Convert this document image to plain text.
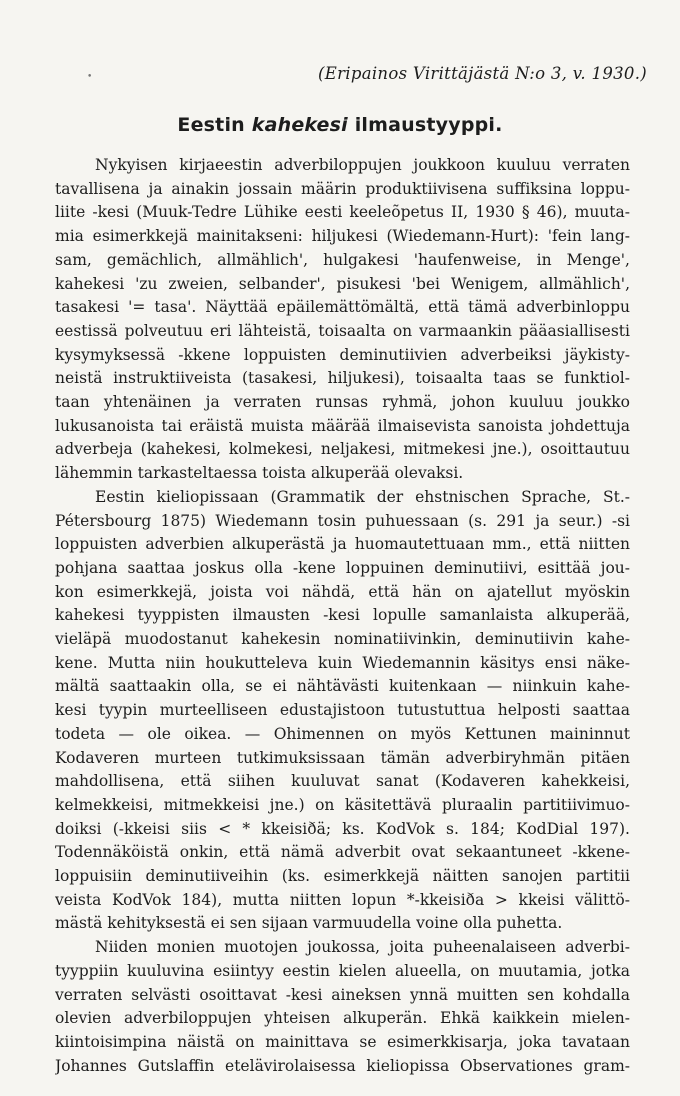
•	(Eripainos Virittäjästä N:o 3, v. 1930.)
Eestin kahekesi ilmaustyyppi.
Nykyisen kirjaeestin adverbiloppujen joukkoon kuuluu verraten
tavallisena ja ainakin jossain määrin produktiivisena suffiksina loppu-
liite -kesi (Muuk-Tedre Lühike eesti keeleõpetus II, 1930 § 46), muuta-
mia esimerkkejä mainitakseni: hiljukesi (Wiedemann-Hurt): 'fein lang-
sam, gemächlich, allmählich', hulgakesi 'haufenweise, in Menge',
kahekesi 'zu zweien, selbander', pisukesi 'bei Wenigem, allmählich',
tasakesi '= tasa'. Näyttää epäilemättömältä, että tämä adverbinloppu
eestissä polveutuu eri lähteistä, toisaalta on varmaankin pääasiallisesti
kysymyksessä -kkene loppuisten deminutiivien adverbeiksi jäykisty-
neistä instruktiiveista (tasakesi, hiljukesi), toisaalta taas se funktiol-
taan yhtenäinen ja verraten runsas ryhmä, johon kuuluu joukko
lukusanoista tai eräistä muista määrää ilmaisevista sanoista johdettuja
adverbeja (kahekesi, kolmekesi, neljakesi, mitmekesi jne.), osoittautuu
lähemmin tarkasteltaessa toista alkuperää olevaksi.
Eestin kieliopissaan (Grammatik der ehstnischen Sprache, St.-
Pétersbourg 1875) Wiedemann tosin puhuessaan (s. 291 ja seur.) -si
loppuisten adverbien alkuperästä ja huomautettuaan mm., että niitten
pohjana saattaa joskus olla -kene loppuinen deminutiivi, esittää jou-
kon esimerkkejä, joista voi nähdä, että hän on ajatellut myöskin
kahekesi tyyppisten ilmausten -kesi lopulle samanlaista alkuperää,
vieläpä muodostanut kahekesin nominatiivinkin, deminutiivin kahe-
kene. Mutta niin houkutteleva kuin Wiedemannin käsitys ensi näke-
mältä saattaakin olla, se ei nähtävästi kuitenkaan — niinkuin kahe-
kesi tyypin murteelliseen edustajistoon tutustuttua helposti saattaa
todeta — ole oikea. — Ohimennen on myös Kettunen maininnut
Kodaveren murteen tutkimuksissaan tämän adverbiryhmän pitäen
mahdollisena, että siihen kuuluvat sanat (Kodaveren kahekkeisi,
kelmekkeisi, mitmekkeisi jne.) on käsitettävä pluraalin partitiivimuo-
doiksi (-kkeisi siis < * kkeisiðä; ks. KodVok s. 184; KodDial 197).
Todennäköistä onkin, että nämä adverbit ovat sekaantuneet -kkene-
loppuisiin deminutiiveihin (ks. esimerkkejä näitten sanojen partitii
veista KodVok 184), mutta niitten lopun *-kkeisiða > kkeisi välittö-
mästä kehityksestä ei sen sijaan varmuudella voine olla puhetta.
Niiden monien muotojen joukossa, joita puheenalaiseen adverbi-
tyyppiin kuuluvina esiintyy eestin kielen alueella, on muutamia, jotka
verraten selvästi osoittavat -kesi aineksen ynnä muitten sen kohdalla
olevien adverbiloppujen yhteisen alkuperän. Ehkä kaikkein mielen-
kiintoisimpina näistä on mainittava se esimerkkisarja, joka tavataan
Johannes Gutslaffin etelävirolaisessa kieliopissa Observationes gram-
